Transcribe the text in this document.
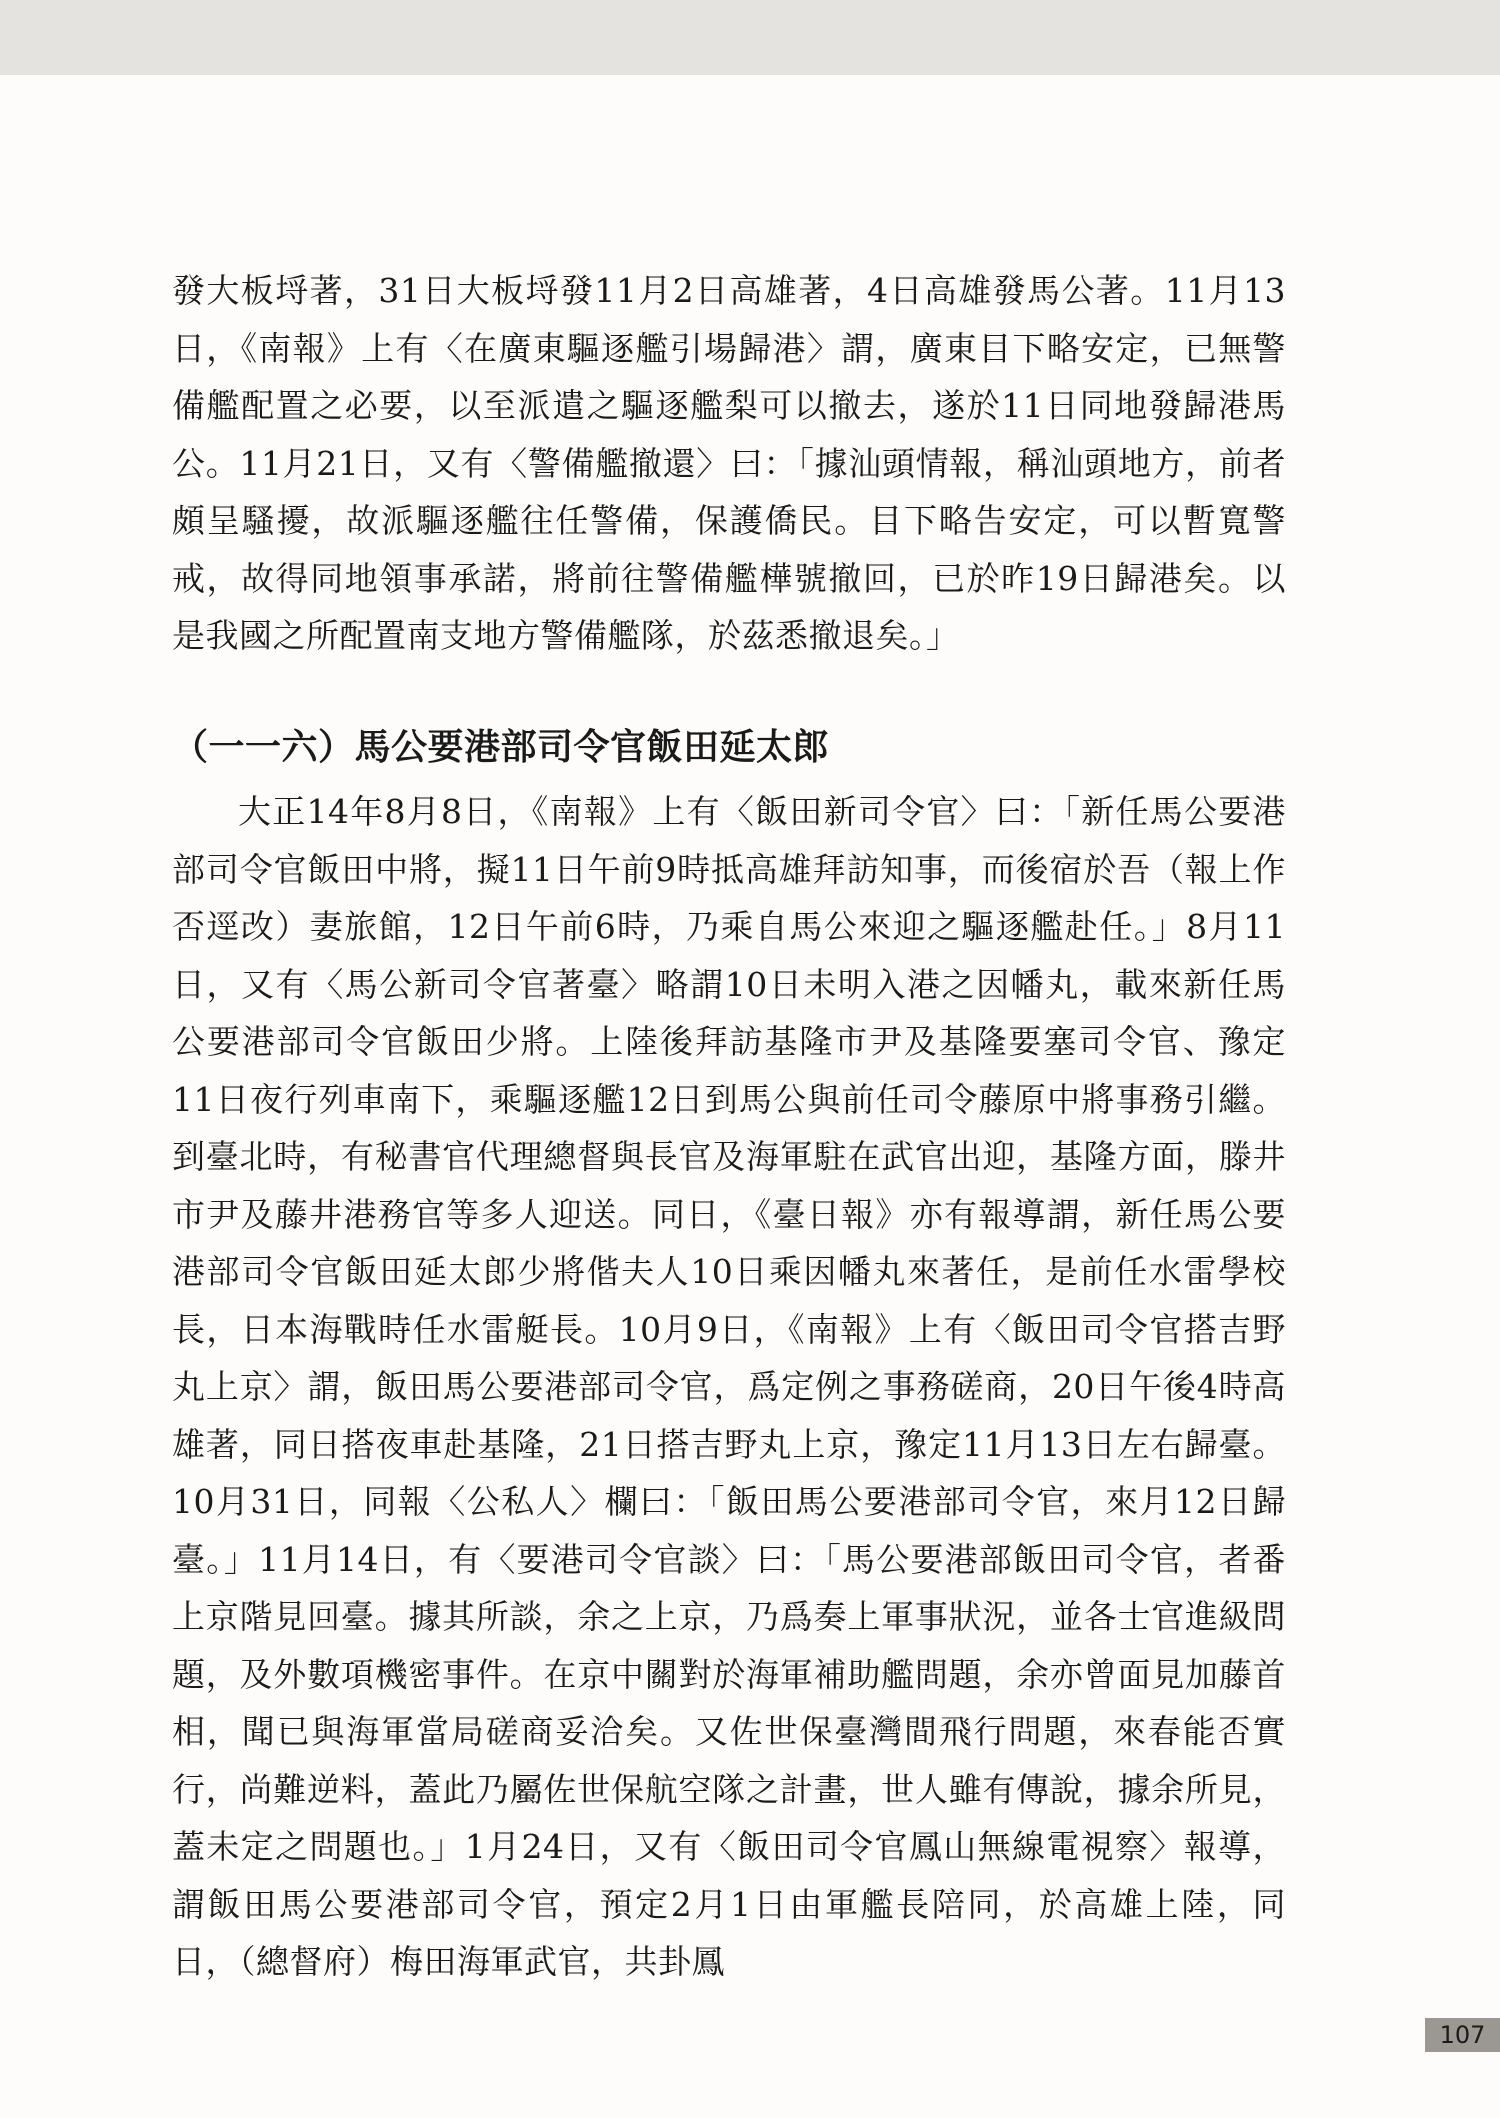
發大板埒著，31日大板埒發11月2日高雄著，4日高雄發馬公著。11月13日，《南報》上有〈在廣東驅逐艦引場歸港〉謂，廣東目下略安定，已無警備艦配置之必要，以至派遣之驅逐艦梨可以撤去，遂於11日同地發歸港馬公。11月21日，又有〈警備艦撤還〉曰：「據汕頭情報，稱汕頭地方，前者頗呈騷擾，故派驅逐艦往任警備，保護僑民。目下略告安定，可以暫寬警戒，故得同地領事承諾，將前往警備艦樺號撤回，已於昨19日歸港矣。以是我國之所配置南支地方警備艦隊，於茲悉撤退矣。」

（一一六）馬公要港部司令官飯田延太郎

大正14年8月8日，《南報》上有〈飯田新司令官〉曰：「新任馬公要港部司令官飯田中將，擬11日午前9時抵高雄拜訪知事，而後宿於吾（報上作否逕改）妻旅館，12日午前6時，乃乘自馬公來迎之驅逐艦赴任。」8月11日，又有〈馬公新司令官著臺〉略謂10日未明入港之因幡丸，載來新任馬公要港部司令官飯田少將。上陸後拜訪基隆市尹及基隆要塞司令官、豫定11日夜行列車南下，乘驅逐艦12日到馬公與前任司令藤原中將事務引繼。到臺北時，有秘書官代理總督與長官及海軍駐在武官出迎，基隆方面，滕井市尹及藤井港務官等多人迎送。同日，《臺日報》亦有報導謂，新任馬公要港部司令官飯田延太郎少將偕夫人10日乘因幡丸來著任，是前任水雷學校長，日本海戰時任水雷艇長。10月9日，《南報》上有〈飯田司令官搭吉野丸上京〉謂，飯田馬公要港部司令官，爲定例之事務磋商，20日午後4時高雄著，同日搭夜車赴基隆，21日搭吉野丸上京，豫定11月13日左右歸臺。10月31日，同報〈公私人〉欄曰：「飯田馬公要港部司令官，來月12日歸臺。」11月14日，有〈要港司令官談〉曰：「馬公要港部飯田司令官，者番上京階見回臺。據其所談，余之上京，乃爲奏上軍事狀況，並各士官進級問題，及外數項機密事件。在京中關對於海軍補助艦問題，余亦曾面見加藤首相，聞已與海軍當局磋商妥洽矣。又佐世保臺灣間飛行問題，來春能否實行，尚難逆料，蓋此乃屬佐世保航空隊之計畫，世人雖有傳說，據余所見，蓋未定之問題也。」1月24日，又有〈飯田司令官鳳山無線電視察〉報導，謂飯田馬公要港部司令官，預定2月1日由軍艦長陪同，於高雄上陸，同日，（總督府）梅田海軍武官，共卦鳳

107
